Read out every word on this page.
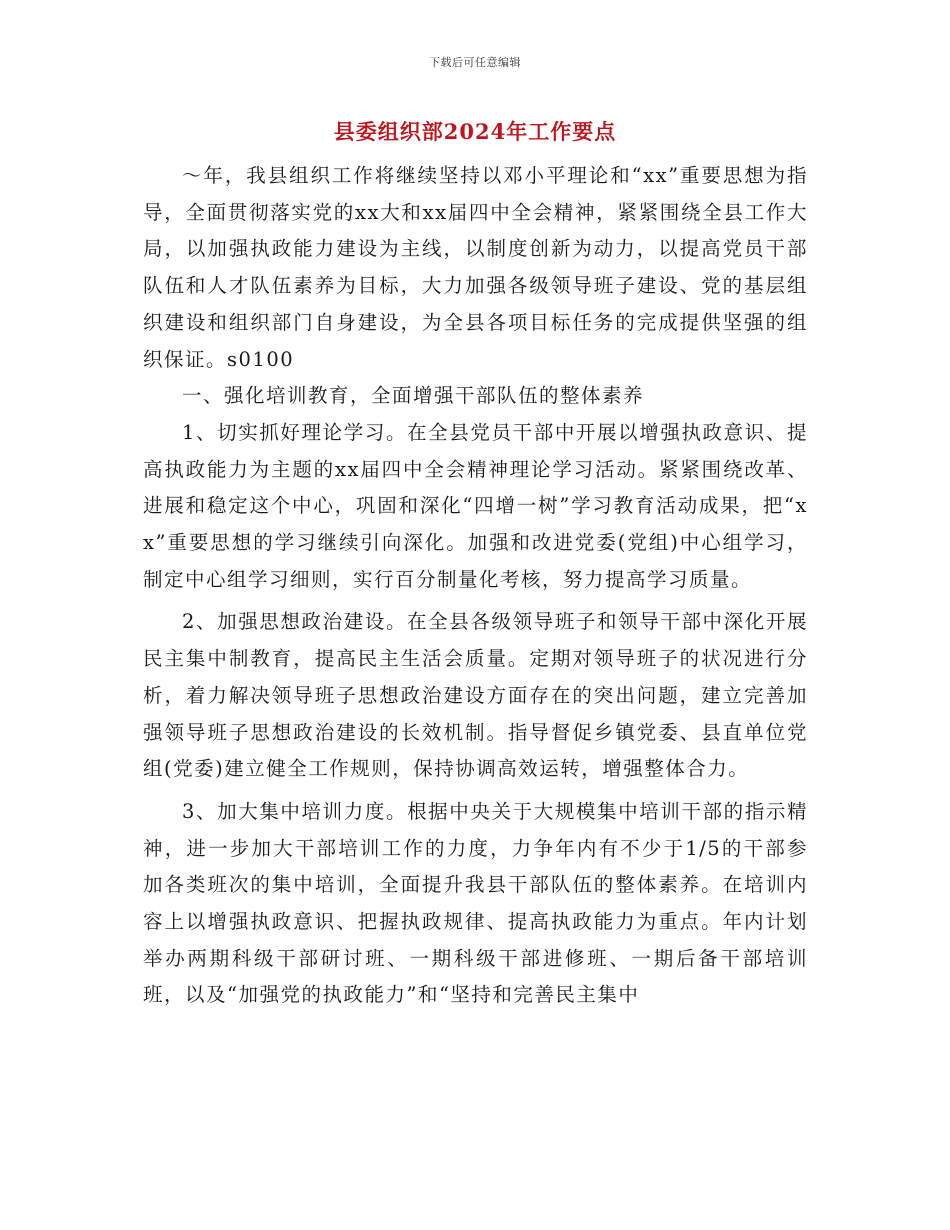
下载后可任意编辑
县委组织部2024年工作要点

～年，我县组织工作将继续坚持以邓小平理论和“xx”重要思想为指导，全面贯彻落实党的xx大和xx届四中全会精神，紧紧围绕全县工作大局，以加强执政能力建设为主线，以制度创新为动力，以提高党员干部队伍和人才队伍素养为目标，大力加强各级领导班子建设、党的基层组织建设和组织部门自身建设，为全县各项目标任务的完成提供坚强的组织保证。s0100

一、强化培训教育，全面增强干部队伍的整体素养

1、切实抓好理论学习。在全县党员干部中开展以增强执政意识、提高执政能力为主题的xx届四中全会精神理论学习活动。紧紧围绕改革、进展和稳定这个中心，巩固和深化“四增一树”学习教育活动成果，把“xx”重要思想的学习继续引向深化。加强和改进党委(党组)中心组学习，制定中心组学习细则，实行百分制量化考核，努力提高学习质量。

2、加强思想政治建设。在全县各级领导班子和领导干部中深化开展民主集中制教育，提高民主生活会质量。定期对领导班子的状况进行分析，着力解决领导班子思想政治建设方面存在的突出问题，建立完善加强领导班子思想政治建设的长效机制。指导督促乡镇党委、县直单位党组(党委)建立健全工作规则，保持协调高效运转，增强整体合力。

3、加大集中培训力度。根据中央关于大规模集中培训干部的指示精神，进一步加大干部培训工作的力度，力争年内有不少于1/5的干部参加各类班次的集中培训，全面提升我县干部队伍的整体素养。在培训内容上以增强执政意识、把握执政规律、提高执政能力为重点。年内计划举办两期科级干部研讨班、一期科级干部进修班、一期后备干部培训班，以及“加强党的执政能力”和“坚持和完善民主集中
